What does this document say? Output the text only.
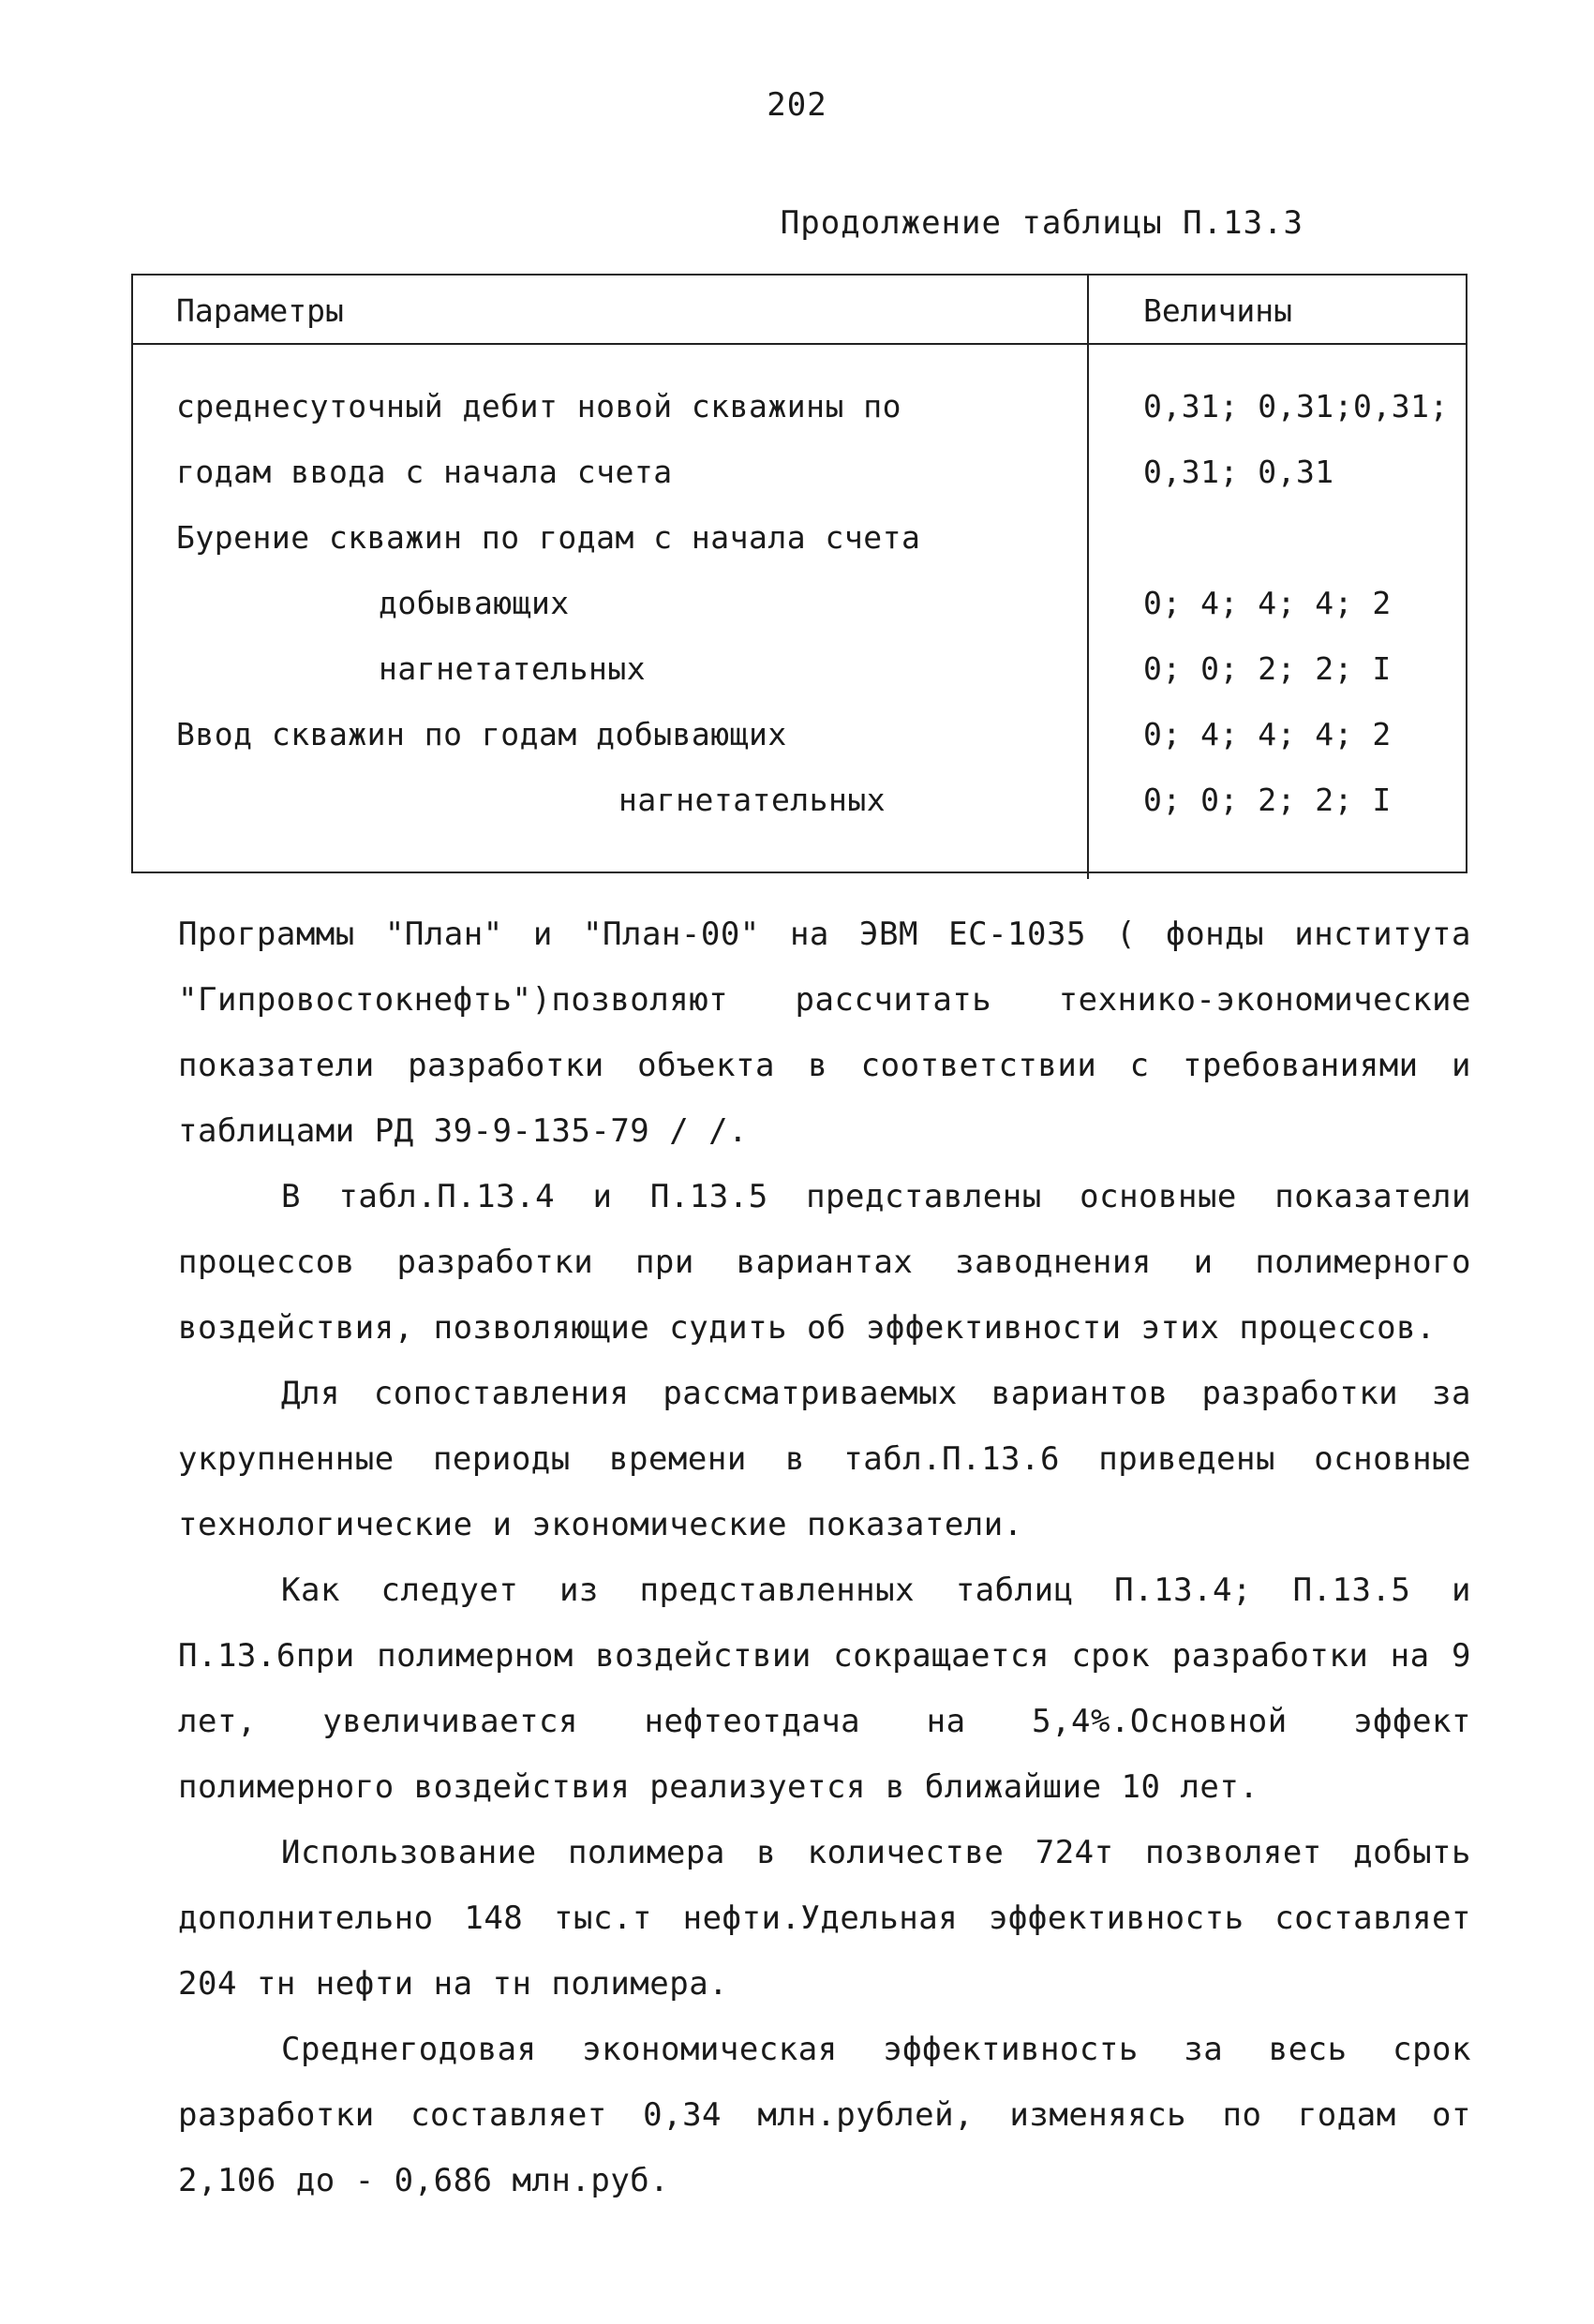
202
Продолжение таблицы П.13.3
Параметры	Величины
среднесуточный дебит новой скважины по	0,31; 0,31;0,31;
годам ввода с начала счета	0,31; 0,31
Бурение скважин по годам с начала счета
добывающих	0; 4; 4; 4; 2
нагнетательных	0; 0; 2; 2; I
Ввод скважин по годам добывающих	0; 4; 4; 4; 2
нагнетательных	0; 0; 2; 2; I

Программы "План" и "План-00" на ЭВМ ЕС-1035 ( фонды института "Гипровостокнефть")позволяют рассчитать технико-экономические показатели разработки объекта в соответствии с требованиями и таблицами РД 39-9-135-79 / /.

В табл.П.13.4 и П.13.5 представлены основные показатели процессов разработки при вариантах заводнения и полимерного воздействия, позволяющие судить об эффективности этих процессов.

Для сопоставления рассматриваемых вариантов разработки за укрупненные периоды времени в табл.П.13.6 приведены основные технологические и экономические показатели.

Как следует из представленных таблиц П.13.4; П.13.5 и П.13.6при полимерном воздействии сокращается срок разработки на 9 лет, увеличивается нефтеотдача на 5,4%.Основной эффект полимерного воздействия реализуется в ближайшие 10 лет.

Использование полимера в количестве 724т позволяет добыть дополнительно 148 тыс.т нефти.Удельная эффективность составляет 204 тн нефти на тн полимера.

Среднегодовая экономическая эффективность за весь срок разработки составляет 0,34 млн.рублей, изменяясь по годам от 2,106 до - 0,686 млн.руб.
